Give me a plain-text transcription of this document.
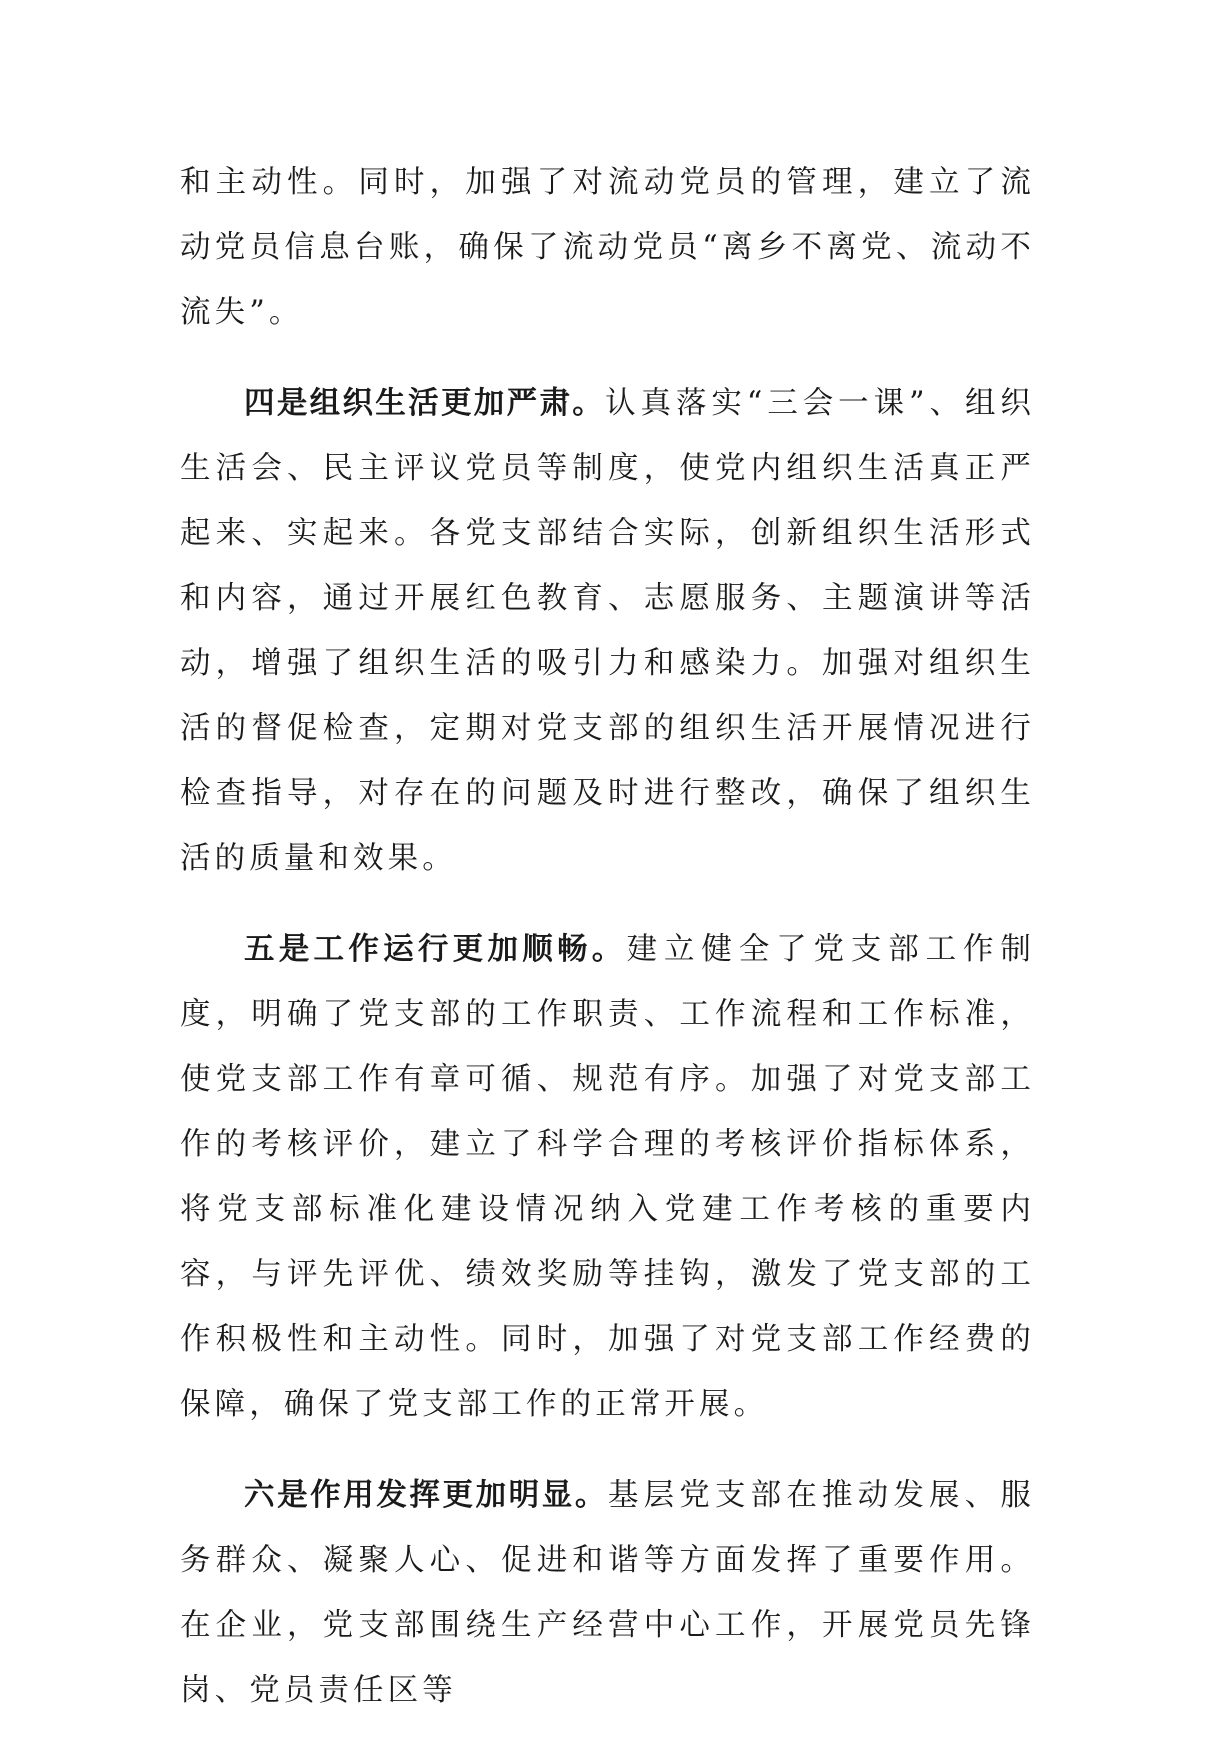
和主动性。同时，加强了对流动党员的管理，建立了流动党员信息台账，确保了流动党员“离乡不离党、流动不流失”。

四是组织生活更加严肃。认真落实“三会一课”、组织生活会、民主评议党员等制度，使党内组织生活真正严起来、实起来。各党支部结合实际，创新组织生活形式和内容，通过开展红色教育、志愿服务、主题演讲等活动，增强了组织生活的吸引力和感染力。加强对组织生活的督促检查，定期对党支部的组织生活开展情况进行检查指导，对存在的问题及时进行整改，确保了组织生活的质量和效果。

五是工作运行更加顺畅。建立健全了党支部工作制度，明确了党支部的工作职责、工作流程和工作标准，使党支部工作有章可循、规范有序。加强了对党支部工作的考核评价，建立了科学合理的考核评价指标体系，将党支部标准化建设情况纳入党建工作考核的重要内容，与评先评优、绩效奖励等挂钩，激发了党支部的工作积极性和主动性。同时，加强了对党支部工作经费的保障，确保了党支部工作的正常开展。

六是作用发挥更加明显。基层党支部在推动发展、服务群众、凝聚人心、促进和谐等方面发挥了重要作用。在企业，党支部围绕生产经营中心工作，开展党员先锋岗、党员责任区等
